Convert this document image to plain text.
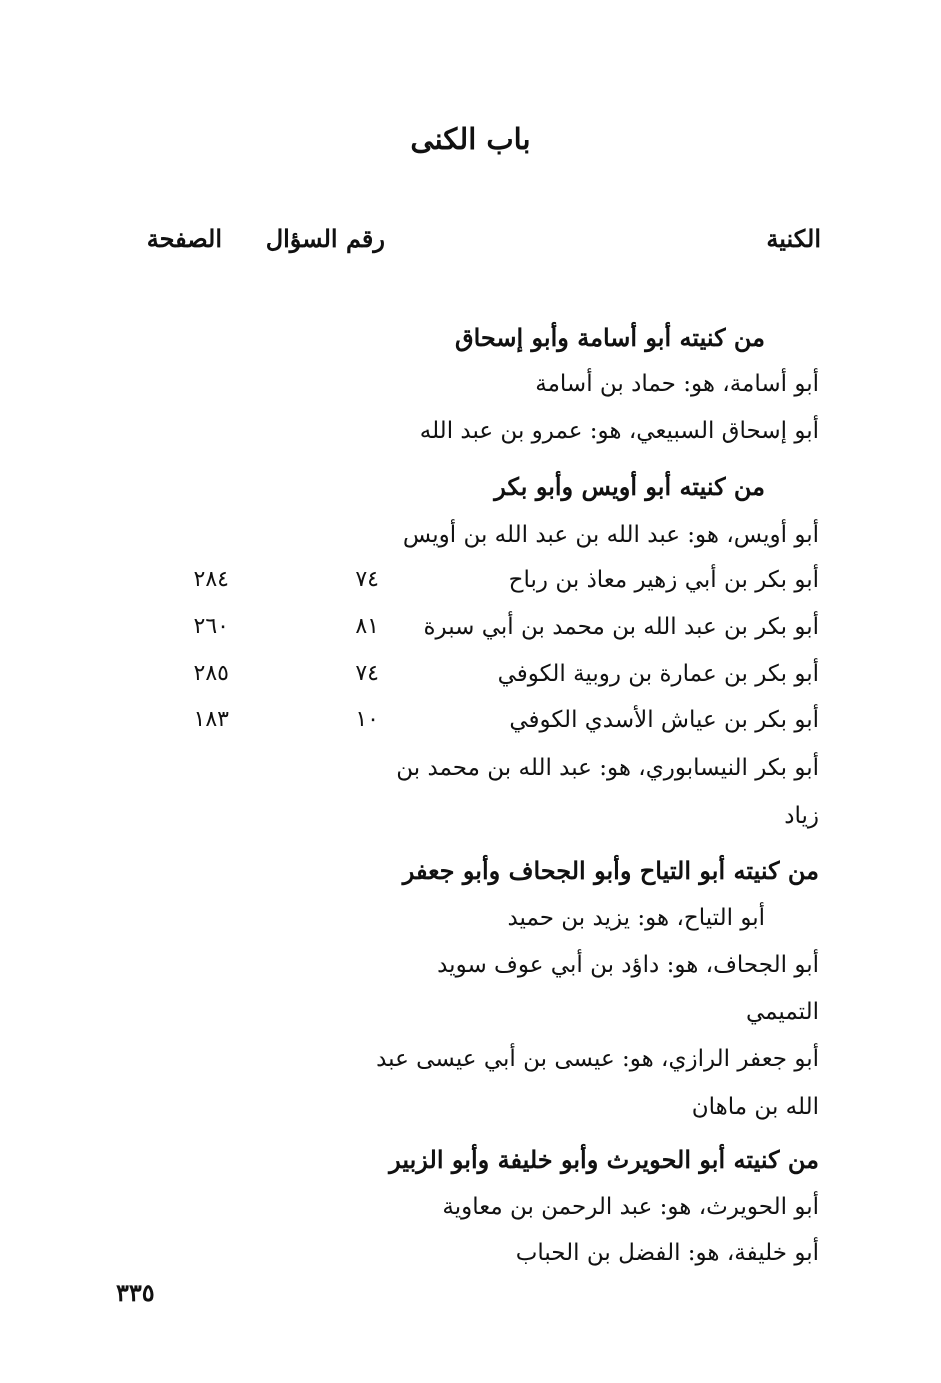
باب الكنى
الكنية
رقم السؤال
الصفحة
من كنيته أبو أسامة وأبو إسحاق
أبو أسامة، هو: حماد بن أسامة
أبو إسحاق السبيعي، هو: عمرو بن عبد الله
من كنيته أبو أويس وأبو بكر
أبو أويس، هو: عبد الله بن عبد الله بن أويس
أبو بكر بن أبي زهير معاذ بن رباح
٧٤
٢٨٤
أبو بكر بن عبد الله بن محمد بن أبي سبرة
٨١
٢٦٠
أبو بكر بن عمارة بن روبية الكوفي
٧٤
٢٨٥
أبو بكر بن عياش الأسدي الكوفي
١٠
١٨٣
أبو بكر النيسابوري، هو: عبد الله بن محمد بن
زياد
من كنيته أبو التياح وأبو الجحاف وأبو جعفر
أبو التياح، هو: يزيد بن حميد
أبو الجحاف، هو: داؤد بن أبي عوف سويد
التميمي
أبو جعفر الرازي، هو: عيسى بن أبي عيسى عبد
الله بن ماهان
من كنيته أبو الحويرث وأبو خليفة وأبو الزبير
أبو الحويرث، هو: عبد الرحمن بن معاوية
أبو خليفة، هو: الفضل بن الحباب
٣٣٥
